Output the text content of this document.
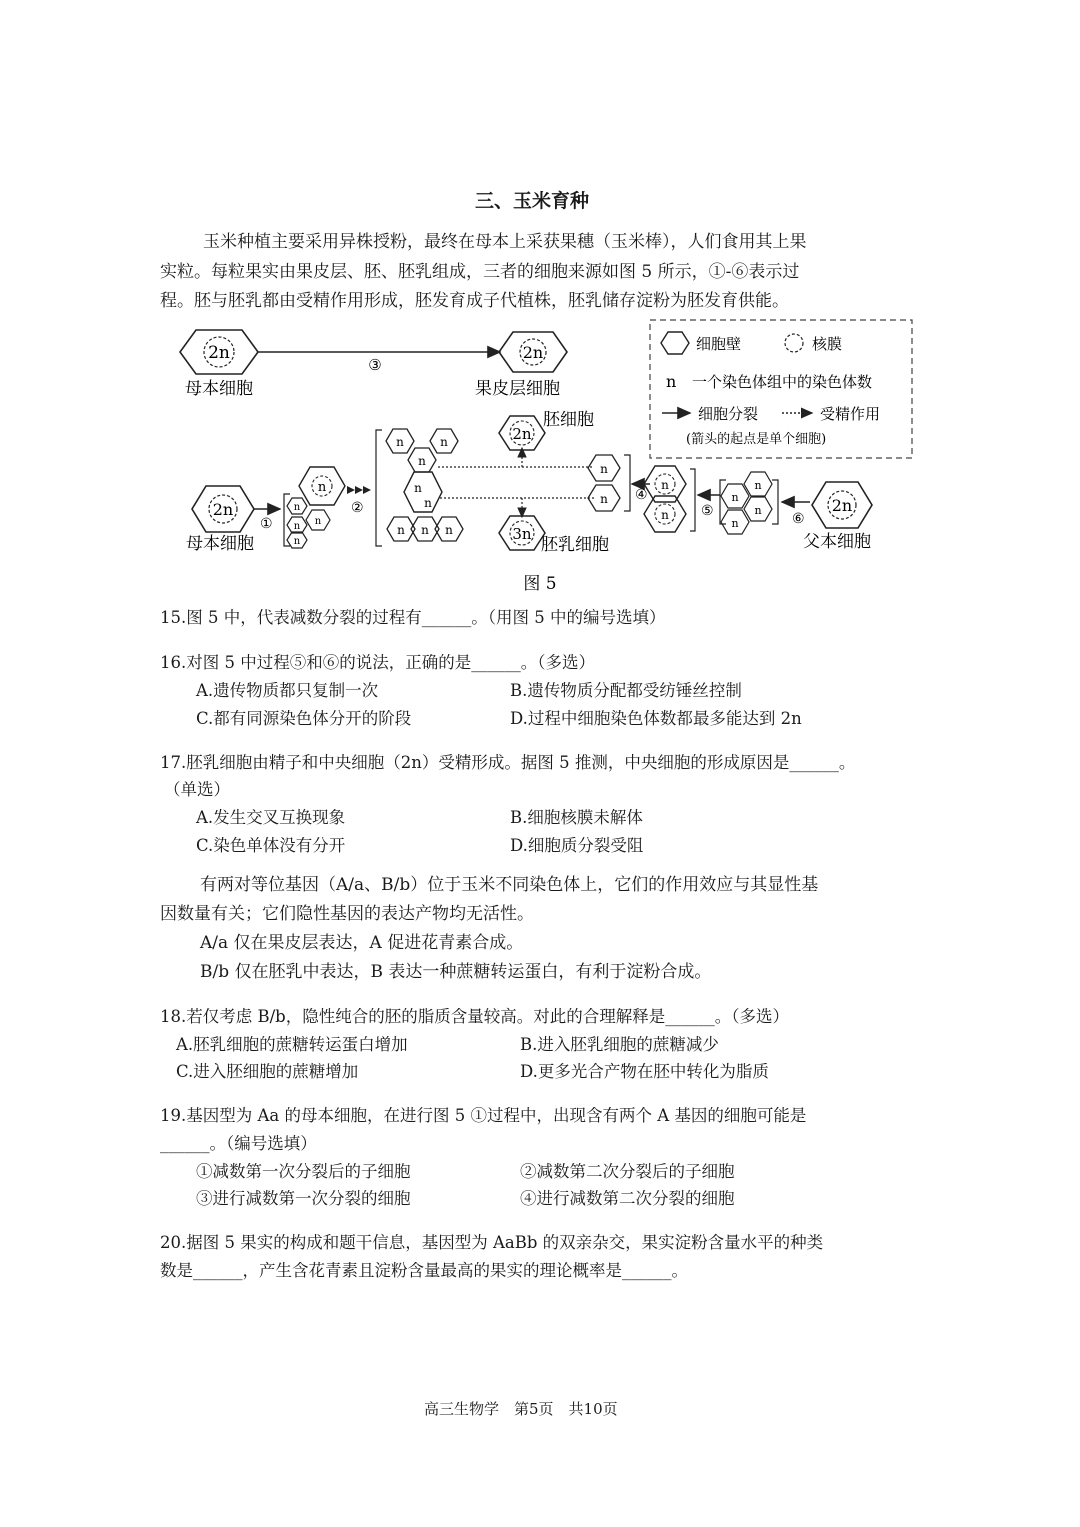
三、玉米育种
玉米种植主要采用异株授粉，最终在母本上采获果穗（玉米棒），人们食用其上果
实粒。每粒果实由果皮层、胚、胚乳组成，三者的细胞来源如图 5 所示，①-⑥表示过
程。胚与胚乳都由受精作用形成，胚发育成子代植株，胚乳储存淀粉为胚发育供能。
2n
③
2n
母本细胞	果皮层细胞
细胞壁	核膜
n 一个染色体组中的染色体数
细胞分裂	受精作用
(箭头的起点是单个细胞)
2n
①
母本细胞
n
n
n n
n
②
n	n
n
n
n
n n n
2n
胚细胞
3n
胚乳细胞
n
n ④
n
n ⑤
n
n
n
n	⑥
2n
父本细胞
图 5
15.图 5 中，代表减数分裂的过程有______。（用图 5 中的编号选填）
16.对图 5 中过程⑤和⑥的说法，正确的是______。（多选）
A.遗传物质都只复制一次	B.遗传物质分配都受纺锤丝控制
C.都有同源染色体分开的阶段	D.过程中细胞染色体数都最多能达到 2n
17.胚乳细胞由精子和中央细胞（2n）受精形成。据图 5 推测，中央细胞的形成原因是______。
（单选）
A.发生交叉互换现象	B.细胞核膜未解体
C.染色单体没有分开	D.细胞质分裂受阻
有两对等位基因（A/a、B/b）位于玉米不同染色体上，它们的作用效应与其显性基
因数量有关；它们隐性基因的表达产物均无活性。
A/a 仅在果皮层表达，A 促进花青素合成。
B/b 仅在胚乳中表达，B 表达一种蔗糖转运蛋白，有利于淀粉合成。
18.若仅考虑 B/b，隐性纯合的胚的脂质含量较高。对此的合理解释是______。（多选）
A.胚乳细胞的蔗糖转运蛋白增加	B.进入胚乳细胞的蔗糖减少
C.进入胚细胞的蔗糖增加	D.更多光合产物在胚中转化为脂质
19.基因型为 Aa 的母本细胞，在进行图 5 ①过程中，出现含有两个 A 基因的细胞可能是
______。（编号选填）
①减数第一次分裂后的子细胞	②减数第二次分裂后的子细胞
③进行减数第一次分裂的细胞	④进行减数第二次分裂的细胞
20.据图 5 果实的构成和题干信息，基因型为 AaBb 的双亲杂交，果实淀粉含量水平的种类
数是______，产生含花青素且淀粉含量最高的果实的理论概率是______。
高三生物学　第5页　共10页
